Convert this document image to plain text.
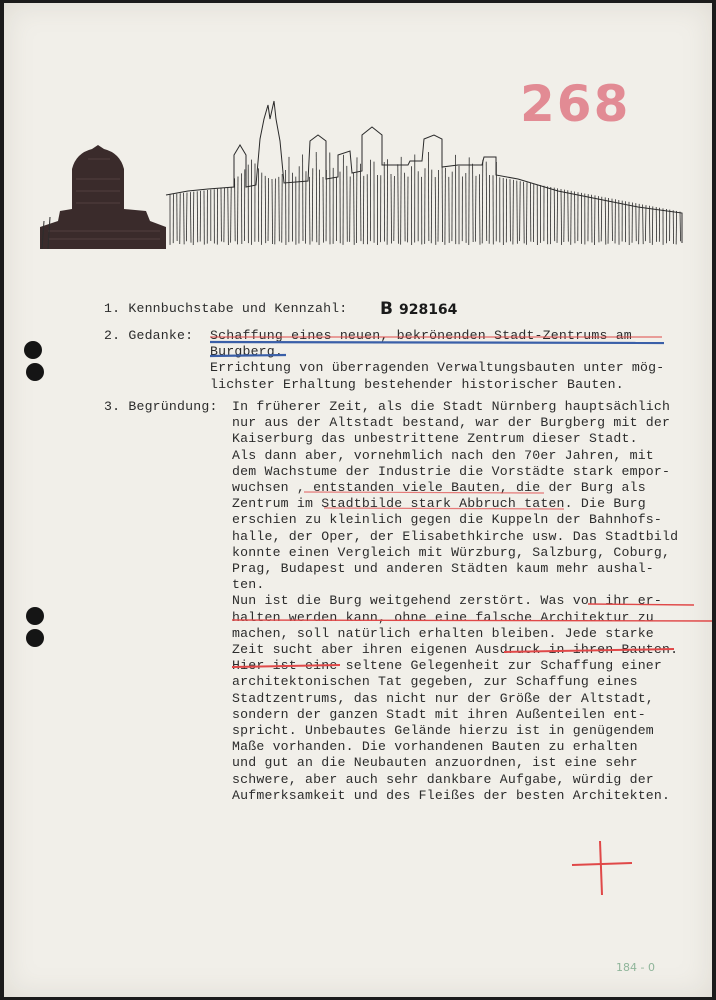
268
1. Kennbuchstabe und Kennzahl: B 928164
2. Gedanke: Schaffung eines neuen, bekrönenden Stadt-Zentrums am
Burgberg.
Errichtung von überragenden Verwaltungsbauten unter mög-
lichster Erhaltung bestehender historischer Bauten.
3. Begründung: In früherer Zeit, als die Stadt Nürnberg hauptsächlich
nur aus der Altstadt bestand, war der Burgberg mit der
Kaiserburg das unbestrittene Zentrum dieser Stadt.
Als dann aber, vornehmlich nach den 70er Jahren, mit
dem Wachstume der Industrie die Vorstädte stark empor-
wuchsen , entstanden viele Bauten, die der Burg als
Zentrum im Stadtbilde stark Abbruch taten. Die Burg
erschien zu kleinlich gegen die Kuppeln der Bahnhofs-
halle, der Oper, der Elisabethkirche usw. Das Stadtbild
konnte einen Vergleich mit Würzburg, Salzburg, Coburg,
Prag, Budapest und anderen Städten kaum mehr aushal-
ten.
Nun ist die Burg weitgehend zerstört. Was von ihr er-
halten werden kann, ohne eine falsche Architektur zu
machen, soll natürlich erhalten bleiben. Jede starke
Zeit sucht aber ihren eigenen Ausdruck in ihren Bauten.
Hier ist eine seltene Gelegenheit zur Schaffung einer
architektonischen Tat gegeben, zur Schaffung eines
Stadtzentrums, das nicht nur der Größe der Altstadt,
sondern der ganzen Stadt mit ihren Außenteilen ent-
spricht. Unbebautes Gelände hierzu ist in genügendem
Maße vorhanden. Die vorhandenen Bauten zu erhalten
und gut an die Neubauten anzuordnen, ist eine sehr
schwere, aber auch sehr dankbare Aufgabe, würdig der
Aufmerksamkeit und des Fleißes der besten Architekten.
184 - 0
